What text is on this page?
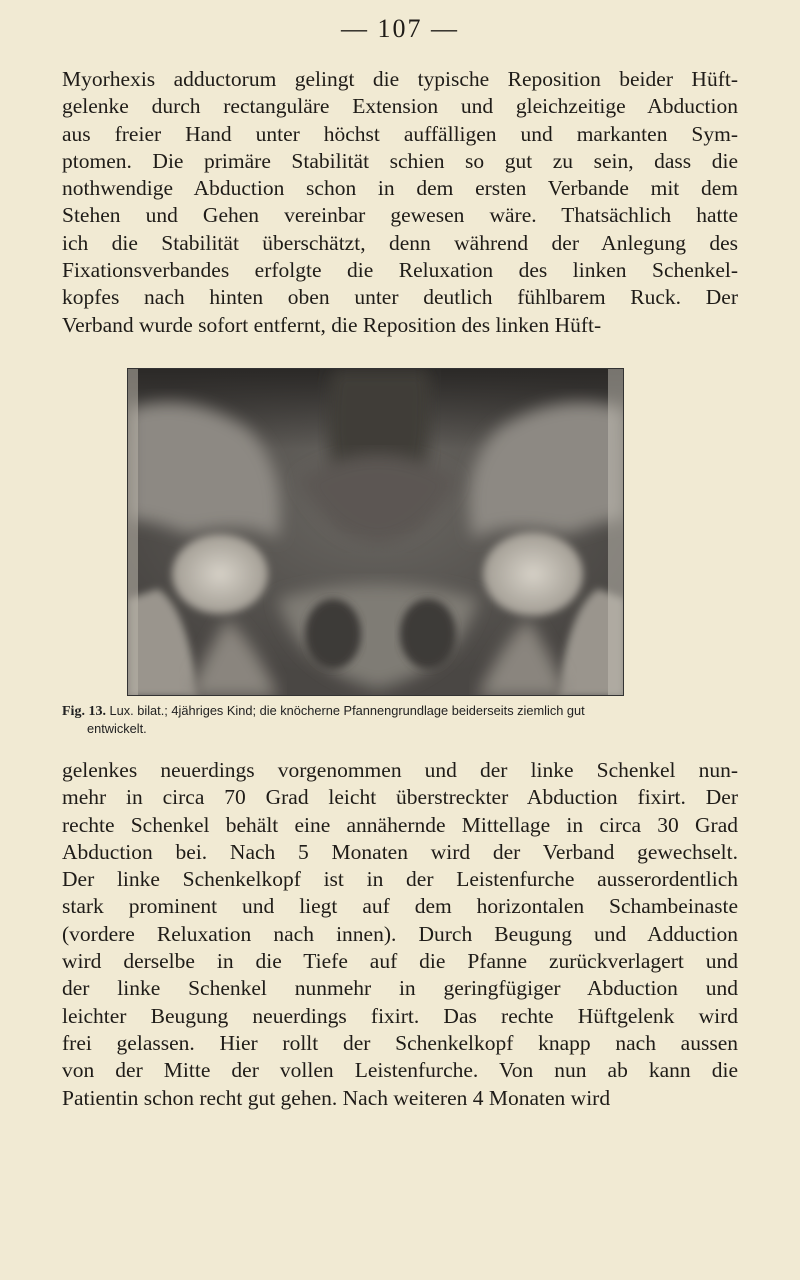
— 107 —

Myorhexis adductorum gelingt die typische Reposition beider Hüft-
gelenke durch rectanguläre Extension und gleichzeitige Abduction
aus freier Hand unter höchst auffälligen und markanten Sym-
ptomen. Die primäre Stabilität schien so gut zu sein, dass die
nothwendige Abduction schon in dem ersten Verbande mit dem
Stehen und Gehen vereinbar gewesen wäre. Thatsächlich hatte
ich die Stabilität überschätzt, denn während der Anlegung des
Fixationsverbandes erfolgte die Reluxation des linken Schenkel-
kopfes nach hinten oben unter deutlich fühlbarem Ruck. Der
Verband wurde sofort entfernt, die Reposition des linken Hüft-

Fig. 13. Lux. bilat.; 4jähriges Kind; die knöcherne Pfannengrundlage beiderseits ziemlich gut
entwickelt.

gelenkes neuerdings vorgenommen und der linke Schenkel nun-
mehr in circa 70 Grad leicht überstreckter Abduction fixirt. Der
rechte Schenkel behält eine annähernde Mittellage in circa 30 Grad
Abduction bei. Nach 5 Monaten wird der Verband gewechselt.
Der linke Schenkelkopf ist in der Leistenfurche ausserordentlich
stark prominent und liegt auf dem horizontalen Schambeinaste
(vordere Reluxation nach innen). Durch Beugung und Adduction
wird derselbe in die Tiefe auf die Pfanne zurückverlagert und
der linke Schenkel nunmehr in geringfügiger Abduction und
leichter Beugung neuerdings fixirt. Das rechte Hüftgelenk wird
frei gelassen. Hier rollt der Schenkelkopf knapp nach aussen
von der Mitte der vollen Leistenfurche. Von nun ab kann die
Patientin schon recht gut gehen. Nach weiteren 4 Monaten wird
